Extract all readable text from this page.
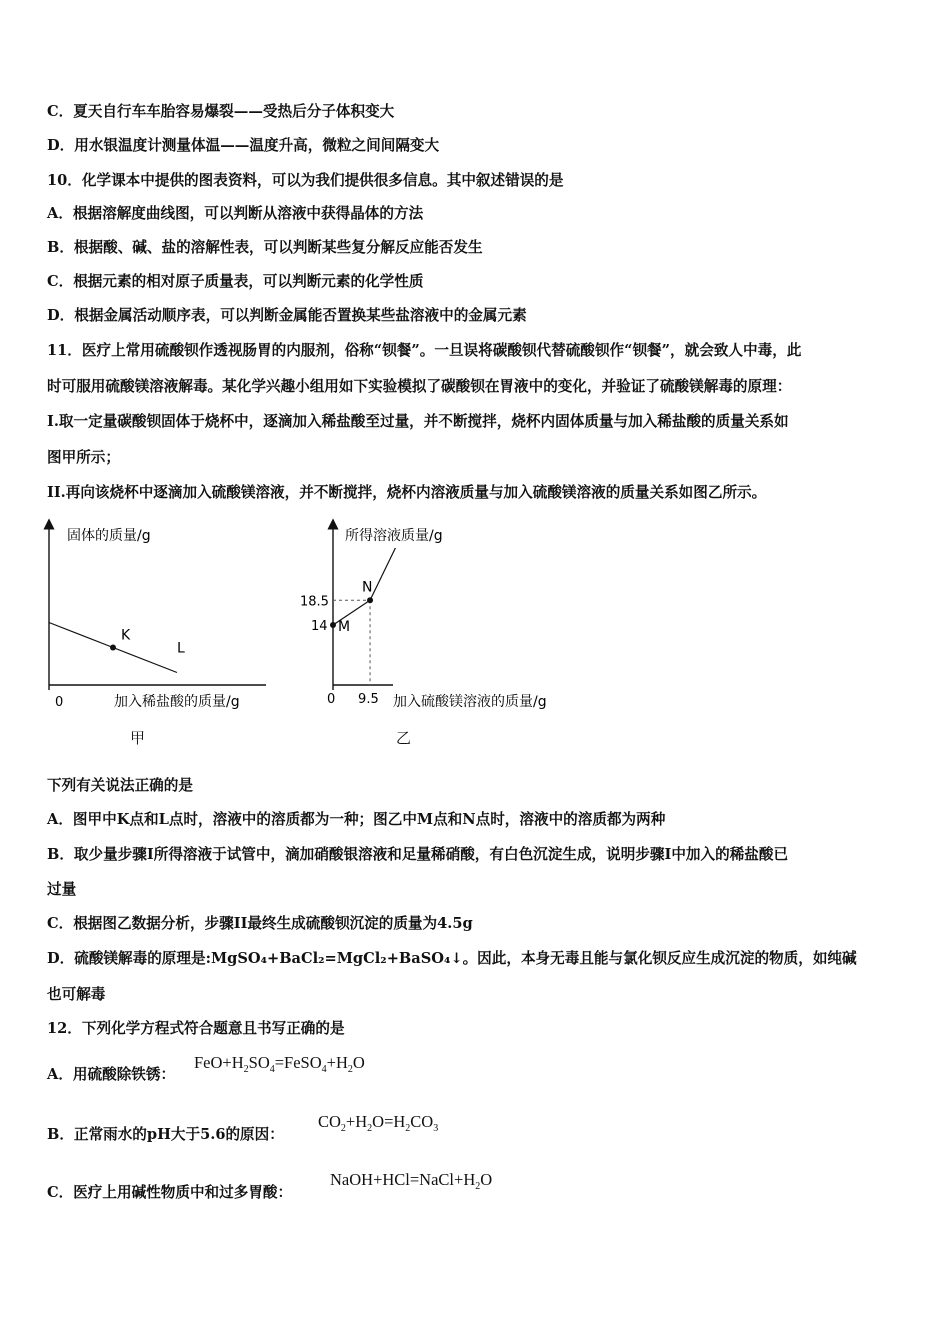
C．夏天自行车车胎容易爆裂——受热后分子体积变大
D．用水银温度计测量体温——温度升高，微粒之间间隔变大
10．化学课本中提供的图表资料，可以为我们提供很多信息。其中叙述错误的是
A．根据溶解度曲线图，可以判断从溶液中获得晶体的方法
B．根据酸、碱、盐的溶解性表，可以判断某些复分解反应能否发生
C．根据元素的相对原子质量表，可以判断元素的化学性质
D．根据金属活动顺序表，可以判断金属能否置换某些盐溶液中的金属元素
11．医疗上常用硫酸钡作透视肠胃的内服剂，俗称“钡餐”。一旦误将碳酸钡代替硫酸钡作“钡餐”，就会致人中毒，此
时可服用硫酸镁溶液解毒。某化学兴趣小组用如下实验模拟了碳酸钡在胃液中的变化，并验证了硫酸镁解毒的原理：
I.取一定量碳酸钡固体于烧杯中，逐滴加入稀盐酸至过量，并不断搅拌，烧杯内固体质量与加入稀盐酸的质量关系如
图甲所示；
II.再向该烧杯中逐滴加入硫酸镁溶液，并不断搅拌，烧杯内溶液质量与加入硫酸镁溶液的质量关系如图乙所示。
固体的质量/g
0	加入稀盐酸的质量/g
K
L
甲
所得溶液质量/g
0	加入硫酸镁溶液的质量/g
M
N
18.5
14
9.5
乙
下列有关说法正确的是
A．图甲中K点和L点时，溶液中的溶质都为一种；图乙中M点和N点时，溶液中的溶质都为两种
B．取少量步骤I所得溶液于试管中，滴加硝酸银溶液和足量稀硝酸，有白色沉淀生成，说明步骤I中加入的稀盐酸已
过量
C．根据图乙数据分析，步骤II最终生成硫酸钡沉淀的质量为4.5g
D．硫酸镁解毒的原理是:MgSO₄+BaCl₂=MgCl₂+BaSO₄↓。因此，本身无毒且能与氯化钡反应生成沉淀的物质，如纯碱
也可解毒
12．下列化学方程式符合题意且书写正确的是
A．用硫酸除铁锈：
$FeO+H_2SO_4=FeSO_4+H_2O$
B．正常雨水的pH大于5.6的原因：
$CO_2+H_2O=H_2CO_3$
C．医疗上用碱性物质中和过多胃酸：
$NaOH+HCl=NaCl+H_2O$
